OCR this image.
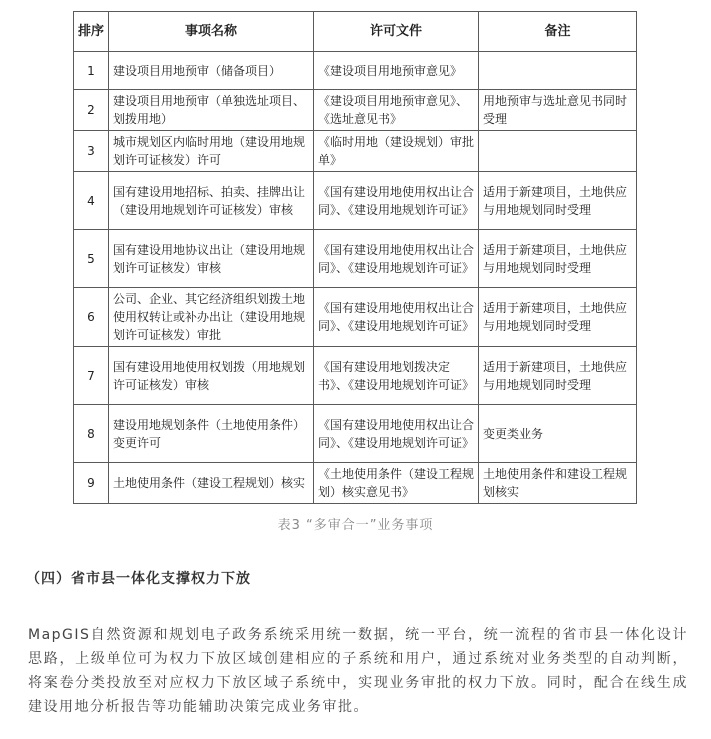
排序	事项名称	许可文件	备注
1	建设项目用地预审（储备项目）	《建设项目用地预审意见》	
2	建设项目用地预审（单独选址项目、划拨用地）	《建设项目用地预审意见》、《选址意见书》	用地预审与选址意见书同时受理
3	城市规划区内临时用地（建设用地规划许可证核发）许可	《临时用地（建设规划）审批单》	
4	国有建设用地招标、拍卖、挂牌出让（建设用地规划许可证核发）审核	《国有建设用地使用权出让合同》、《建设用地规划许可证》	适用于新建项目，土地供应与用地规划同时受理
5	国有建设用地协议出让（建设用地规划许可证核发）审核	《国有建设用地使用权出让合同》、《建设用地规划许可证》	适用于新建项目，土地供应与用地规划同时受理
6	公司、企业、其它经济组织划拨土地使用权转让或补办出让（建设用地规划许可证核发）审批	《国有建设用地使用权出让合同》、《建设用地规划许可证》	适用于新建项目，土地供应与用地规划同时受理
7	国有建设用地使用权划拨（用地规划许可证核发）审核	《国有建设用地划拨决定书》、《建设用地规划许可证》	适用于新建项目，土地供应与用地规划同时受理
8	建设用地规划条件（土地使用条件）变更许可	《国有建设用地使用权出让合同》、《建设用地规划许可证》	变更类业务
9	土地使用条件（建设工程规划）核实	《土地使用条件（建设工程规划）核实意见书》	土地使用条件和建设工程规划核实
表3 “多审合一”业务事项
（四）省市县一体化支撑权力下放

MapGIS自然资源和规划电子政务系统采用统一数据，统一平台，统一流程的省市县一体化设计思路，上级单位可为权力下放区域创建相应的子系统和用户，通过系统对业务类型的自动判断，将案卷分类投放至对应权力下放区域子系统中，实现业务审批的权力下放。同时，配合在线生成建设用地分析报告等功能辅助决策完成业务审批。
